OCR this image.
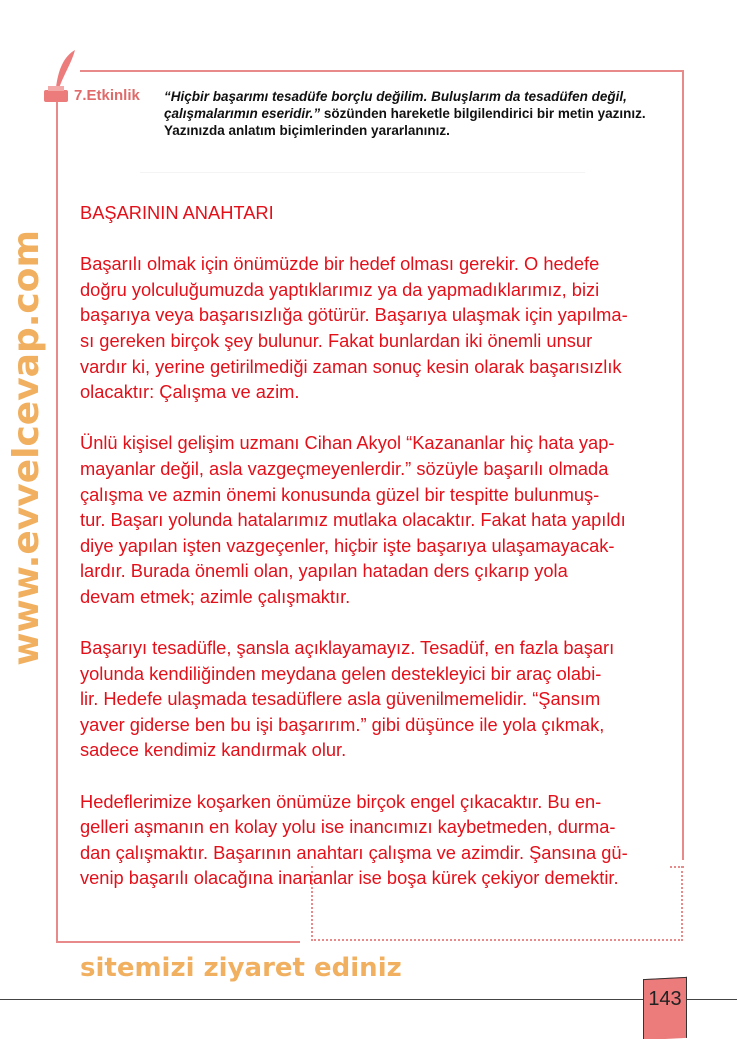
7.Etkinlik “Hiçbir başarımı tesadüfe borçlu değilim. Buluşlarım da tesadüfen değil, çalışmalarımın eseridir.” sözünden hareketle bilgilendirici bir metin yazınız. Yazınızda anlatım biçimlerinden yararlanınız.
BAŞARININ ANAHTARI
Başarılı olmak için önümüzde bir hedef olması gerekir. O hedefe
doğru yolculuğumuzda yaptıklarımız ya da yapmadıklarımız, bizi
başarıya veya başarısızlığa götürür. Başarıya ulaşmak için yapılma-
sı gereken birçok şey bulunur. Fakat bunlardan iki önemli unsur
vardır ki, yerine getirilmediği zaman sonuç kesin olarak başarısızlık
olacaktır: Çalışma ve azim.
Ünlü kişisel gelişim uzmanı Cihan Akyol “Kazananlar hiç hata yap-
mayanlar değil, asla vazgeçmeyenlerdir.” sözüyle başarılı olmada
çalışma ve azmin önemi konusunda güzel bir tespitte bulunmuş-
tur. Başarı yolunda hatalarımız mutlaka olacaktır. Fakat hata yapıldı
diye yapılan işten vazgeçenler, hiçbir işte başarıya ulaşamayacak-
lardır. Burada önemli olan, yapılan hatadan ders çıkarıp yola
devam etmek; azimle çalışmaktır.
Başarıyı tesadüfle, şansla açıklayamayız. Tesadüf, en fazla başarı
yolunda kendiliğinden meydana gelen destekleyici bir araç olabi-
lir. Hedefe ulaşmada tesadüflere asla güvenilmemelidir. “Şansım
yaver giderse ben bu işi başarırım.” gibi düşünce ile yola çıkmak,
sadece kendimiz kandırmak olur.
Hedeflerimize koşarken önümüze birçok engel çıkacaktır. Bu en-
gelleri aşmanın en kolay yolu ise inancımızı kaybetmeden, durma-
dan çalışmaktır. Başarının anahtarı çalışma ve azimdir. Şansına gü-
venip başarılı olacağına inananlar ise boşa kürek çekiyor demektir.
www.evvelcevap.com
sitemizi ziyaret ediniz
143
